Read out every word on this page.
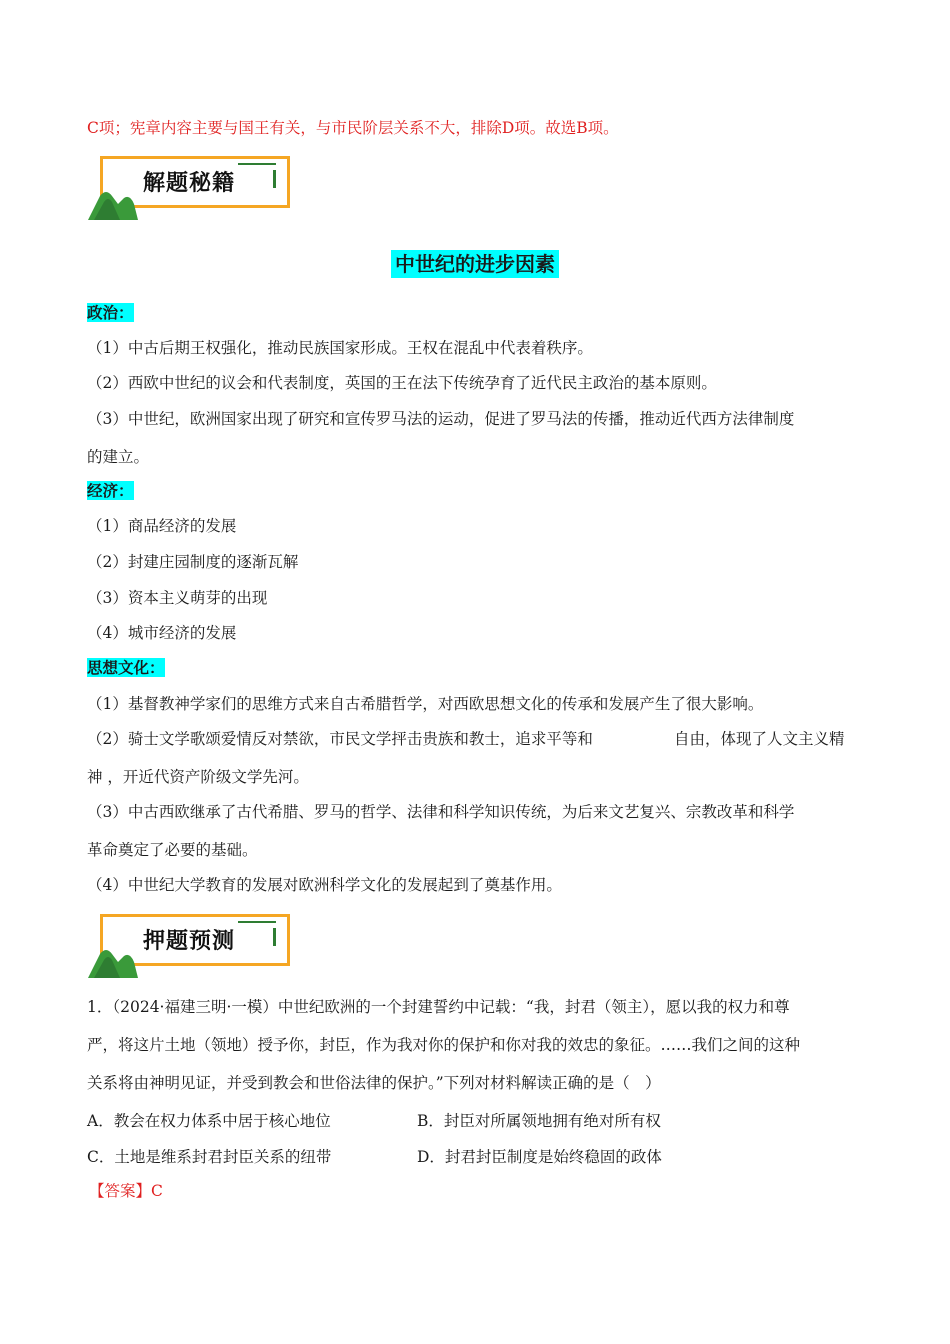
C项；宪章内容主要与国王有关，与市民阶层关系不大，排除D项。故选B项。
解题秘籍
中世纪的进步因素
政治：
（1）中古后期王权强化，推动民族国家形成。王权在混乱中代表着秩序。
（2）西欧中世纪的议会和代表制度，英国的王在法下传统孕育了近代民主政治的基本原则。
（3）中世纪，欧洲国家出现了研究和宣传罗马法的运动，促进了罗马法的传播，推动近代西方法律制度
的建立。
经济：
（1）商品经济的发展
（2）封建庄园制度的逐渐瓦解
（3）资本主义萌芽的出现
（4）城市经济的发展
思想文化：
（1）基督教神学家们的思维方式来自古希腊哲学，对西欧思想文化的传承和发展产生了很大影响。
（2）骑士文学歌颂爱情反对禁欲，市民文学抨击贵族和教士，追求平等和	自由，体现了人文主义精
神 ，开近代资产阶级文学先河。
（3）中古西欧继承了古代希腊、罗马的哲学、法律和科学知识传统，为后来文艺复兴、宗教改革和科学
革命奠定了必要的基础。
（4）中世纪大学教育的发展对欧洲科学文化的发展起到了奠基作用。
押题预测
1．（2024·福建三明·一模）中世纪欧洲的一个封建誓约中记载：“我，封君（领主），愿以我的权力和尊
严，将这片土地（领地）授予你，封臣，作为我对你的保护和你对我的效忠的象征。……我们之间的这种
关系将由神明见证，并受到教会和世俗法律的保护。”下列对材料解读正确的是（　）
A．教会在权力体系中居于核心地位	B．封臣对所属领地拥有绝对所有权
C．土地是维系封君封臣关系的纽带	D．封君封臣制度是始终稳固的政体
【答案】C
